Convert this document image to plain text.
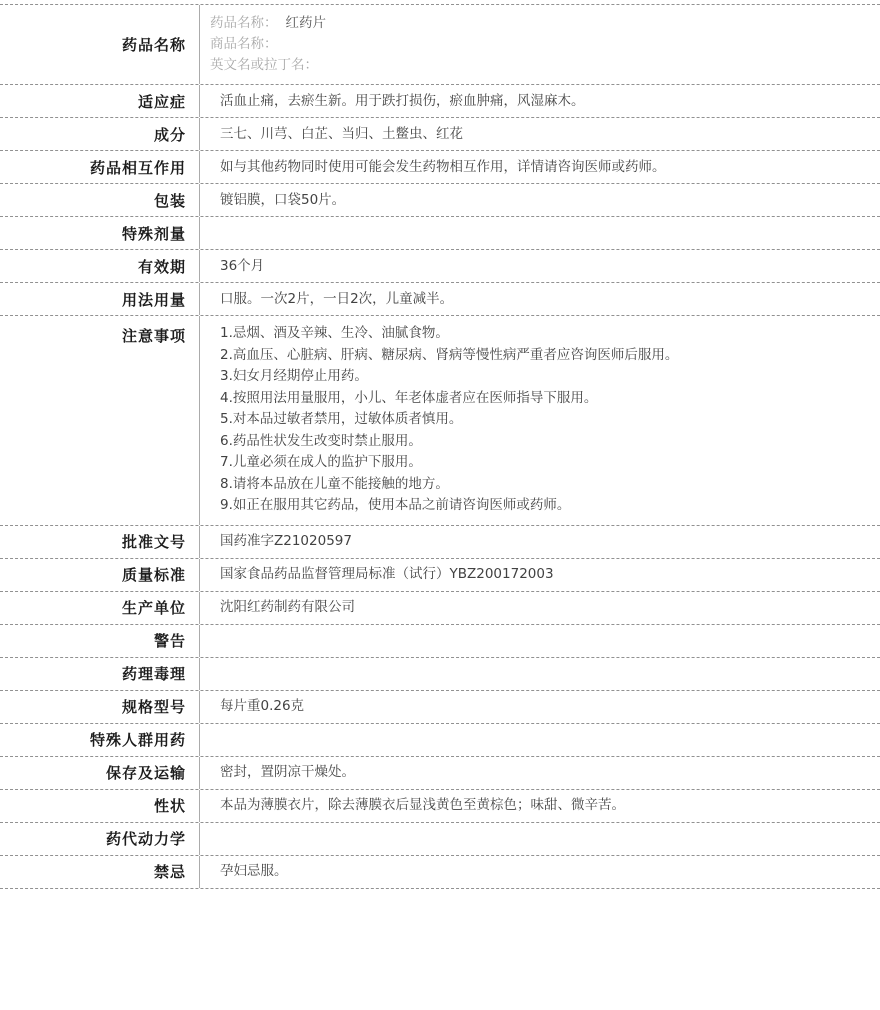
药品名称
药品名称： 红药片
商品名称：
英文名或拉丁名：
适应症	活血止痛，去瘀生新。用于跌打损伤，瘀血肿痛，风湿麻木。
成分	三七、川芎、白芷、当归、土鳖虫、红花
药品相互作用	如与其他药物同时使用可能会发生药物相互作用，详情请咨询医师或药师。
包装	镀铝膜，口袋50片。
特殊剂量
有效期	36个月
用法用量	口服。一次2片，一日2次，儿童减半。
注意事项	1.忌烟、酒及辛辣、生冷、油腻食物。
2.高血压、心脏病、肝病、糖尿病、肾病等慢性病严重者应咨询医师后服用。
3.妇女月经期停止用药。
4.按照用法用量服用，小儿、年老体虚者应在医师指导下服用。
5.对本品过敏者禁用，过敏体质者慎用。
6.药品性状发生改变时禁止服用。
7.儿童必须在成人的监护下服用。
8.请将本品放在儿童不能接触的地方。
9.如正在服用其它药品，使用本品之前请咨询医师或药师。
批准文号	国药准字Z21020597
质量标准	国家食品药品监督管理局标准（试行）YBZ200172003
生产单位	沈阳红药制药有限公司
警告
药理毒理
规格型号	每片重0.26克
特殊人群用药
保存及运输	密封，置阴凉干燥处。
性状	本品为薄膜衣片，除去薄膜衣后显浅黄色至黄棕色；味甜、微辛苦。
药代动力学
禁忌	孕妇忌服。
